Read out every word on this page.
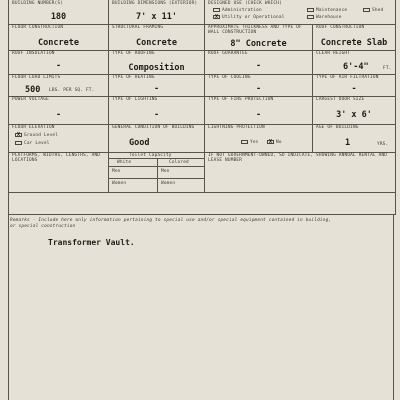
BUILDING NUMBER(S)
180
BUILDING DIMENSIONS (EXTERIOR)
7' x 11'
DESIGNED USE (CHECK WHICH)
Administration	Maintenance	Shed
X Utility or Operational	Warehouse
FLOOR CONSTRUCTION
Concrete
STRUCTURAL FRAMING
Concrete
APPROXIMATE THICKNESS AND TYPE OF WALL CONSTRUCTION
8" Concrete
ROOF CONSTRUCTION
Concrete Slab
ROOF INSULATION
-
TYPE OF ROOFING
Composition
ROOF GUARANTEE
-
CLEAR HEIGHT
6'-4"	FT.
FLOOR LOAD LIMITS
500	LBS. PER SQ. FT.
TYPE OF HEATING
-
TYPE OF COOLING
-
TYPE OF AIR FILTRATION
-
POWER VOLTAGE
-
TYPE OF LIGHTING
-
TYPE OF FIRE PROTECTION
-
LARGEST DOOR SIZE
3' x 6'
FLOOR ELEVATION
X Ground Level
Car Level
GENERAL CONDITION OF BUILDING
Good
LIGHTNING PROTECTION
Yes	X No
AGE OF BUILDING
1	YRS.
PLATFORMS, WIDTHS, LENGTHS, AND LOCATIONS
Toilet Capacity
White	Colored
Men	Men
Women	Women
IF NOT GOVERNMENT-OWNED, SO INDICATE, SHOWING ANNUAL RENTAL AND LEASE NUMBER
Remarks - Include here only information pertaining to special use and/or special equipment contained in building,
or special construction
Transformer Vault.
